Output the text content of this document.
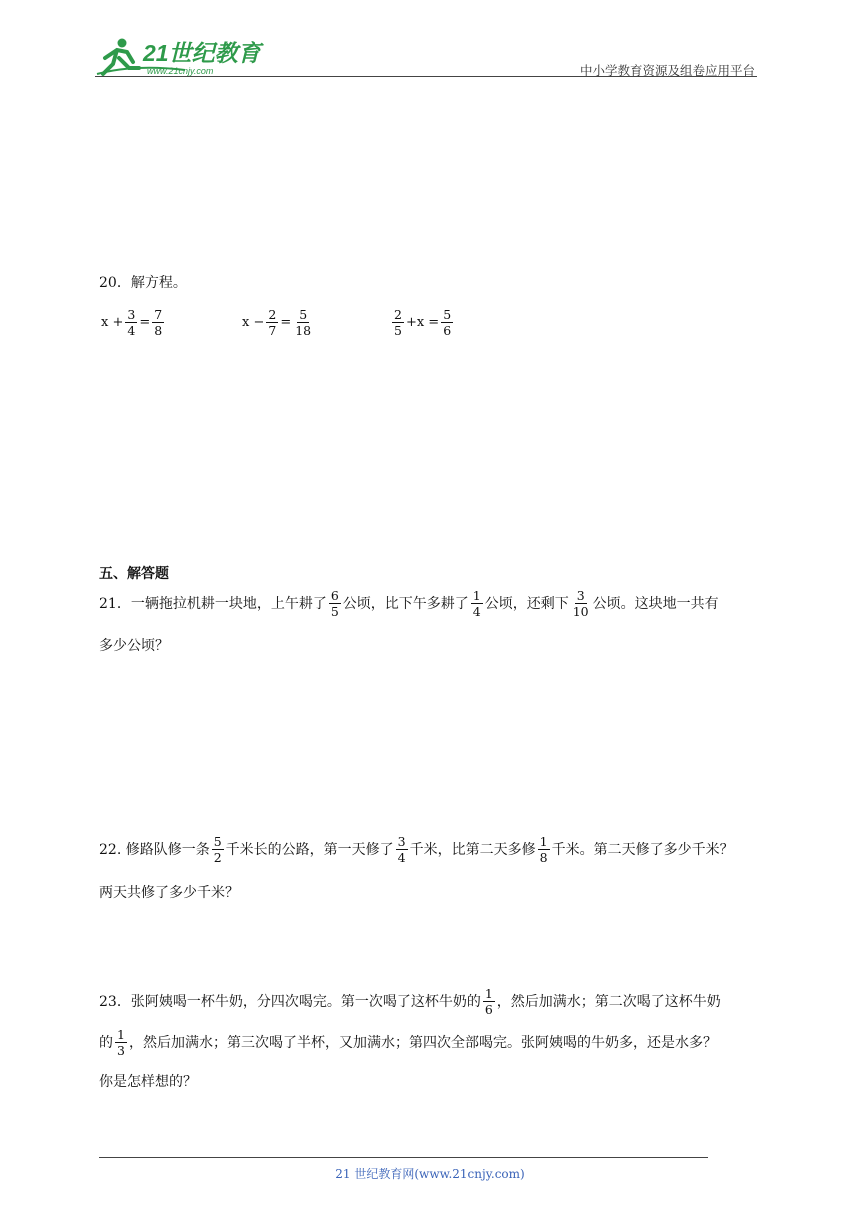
21世纪教育
www.21cnjy.com	中小学教育资源及组卷应用平台
20．解方程。
$x + \frac{3}{4} = \frac{7}{8}$	$x - \frac{2}{7} = \frac{5}{18}$	$\frac{2}{5} +x = \frac{5}{6}$
五、解答题
21．一辆拖拉机耕一块地，上午耕了 $\frac{6}{5}$ 公顷，比下午多耕了 $\frac{1}{4}$ 公顷，还剩下 $\frac{3}{10}$ 公顷。这块地一共有
多少公顷？
22. 修路队修一条 $\frac{5}{2}$ 千米长的公路，第一天修了 $\frac{3}{4}$ 千米，比第二天多修 $\frac{1}{8}$ 千米。第二天修了多少千米？
两天共修了多少千米？
23．张阿姨喝一杯牛奶，分四次喝完。第一次喝了这杯牛奶的 $\frac{1}{6}$ ，然后加满水；第二次喝了这杯牛奶
的 $\frac{1}{3}$ ，然后加满水；第三次喝了半杯，又加满水；第四次全部喝完。张阿姨喝的牛奶多，还是水多？
你是怎样想的？
21 世纪教育网(www.21cnjy.com)
